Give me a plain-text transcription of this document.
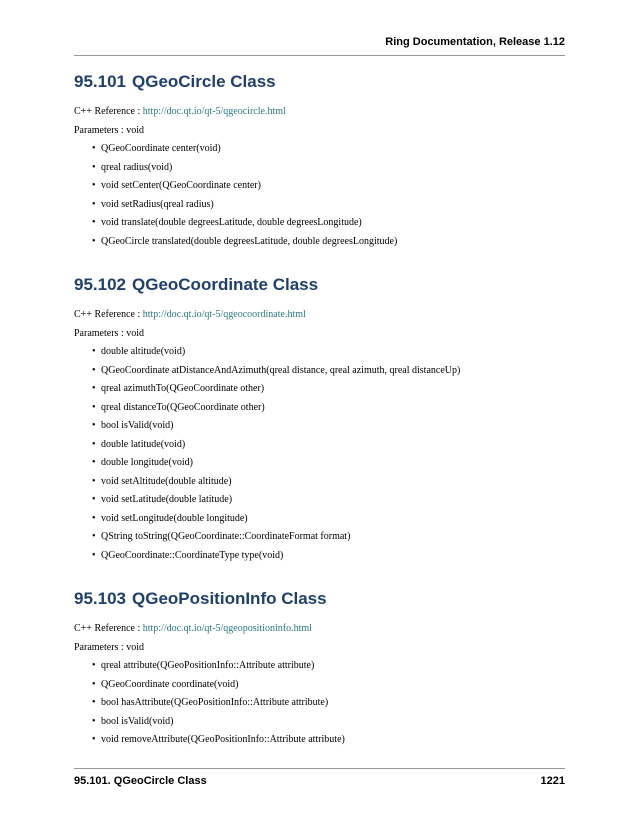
Ring Documentation, Release 1.12
95.101 QGeoCircle Class

C++ Reference : http://doc.qt.io/qt-5/qgeocircle.html

Parameters : void

• QGeoCoordinate center(void)
• qreal radius(void)
• void setCenter(QGeoCoordinate center)
• void setRadius(qreal radius)
• void translate(double degreesLatitude, double degreesLongitude)
• QGeoCircle translated(double degreesLatitude, double degreesLongitude)
95.102 QGeoCoordinate Class

C++ Reference : http://doc.qt.io/qt-5/qgeocoordinate.html

Parameters : void

• double altitude(void)
• QGeoCoordinate atDistanceAndAzimuth(qreal distance, qreal azimuth, qreal distanceUp)
• qreal azimuthTo(QGeoCoordinate other)
• qreal distanceTo(QGeoCoordinate other)
• bool isValid(void)
• double latitude(void)
• double longitude(void)
• void setAltitude(double altitude)
• void setLatitude(double latitude)
• void setLongitude(double longitude)
• QString toString(QGeoCoordinate::CoordinateFormat format)
• QGeoCoordinate::CoordinateType type(void)
95.103 QGeoPositionInfo Class

C++ Reference : http://doc.qt.io/qt-5/qgeopositioninfo.html

Parameters : void

• qreal attribute(QGeoPositionInfo::Attribute attribute)
• QGeoCoordinate coordinate(void)
• bool hasAttribute(QGeoPositionInfo::Attribute attribute)
• bool isValid(void)
• void removeAttribute(QGeoPositionInfo::Attribute attribute)
95.101. QGeoCircle Class	1221
